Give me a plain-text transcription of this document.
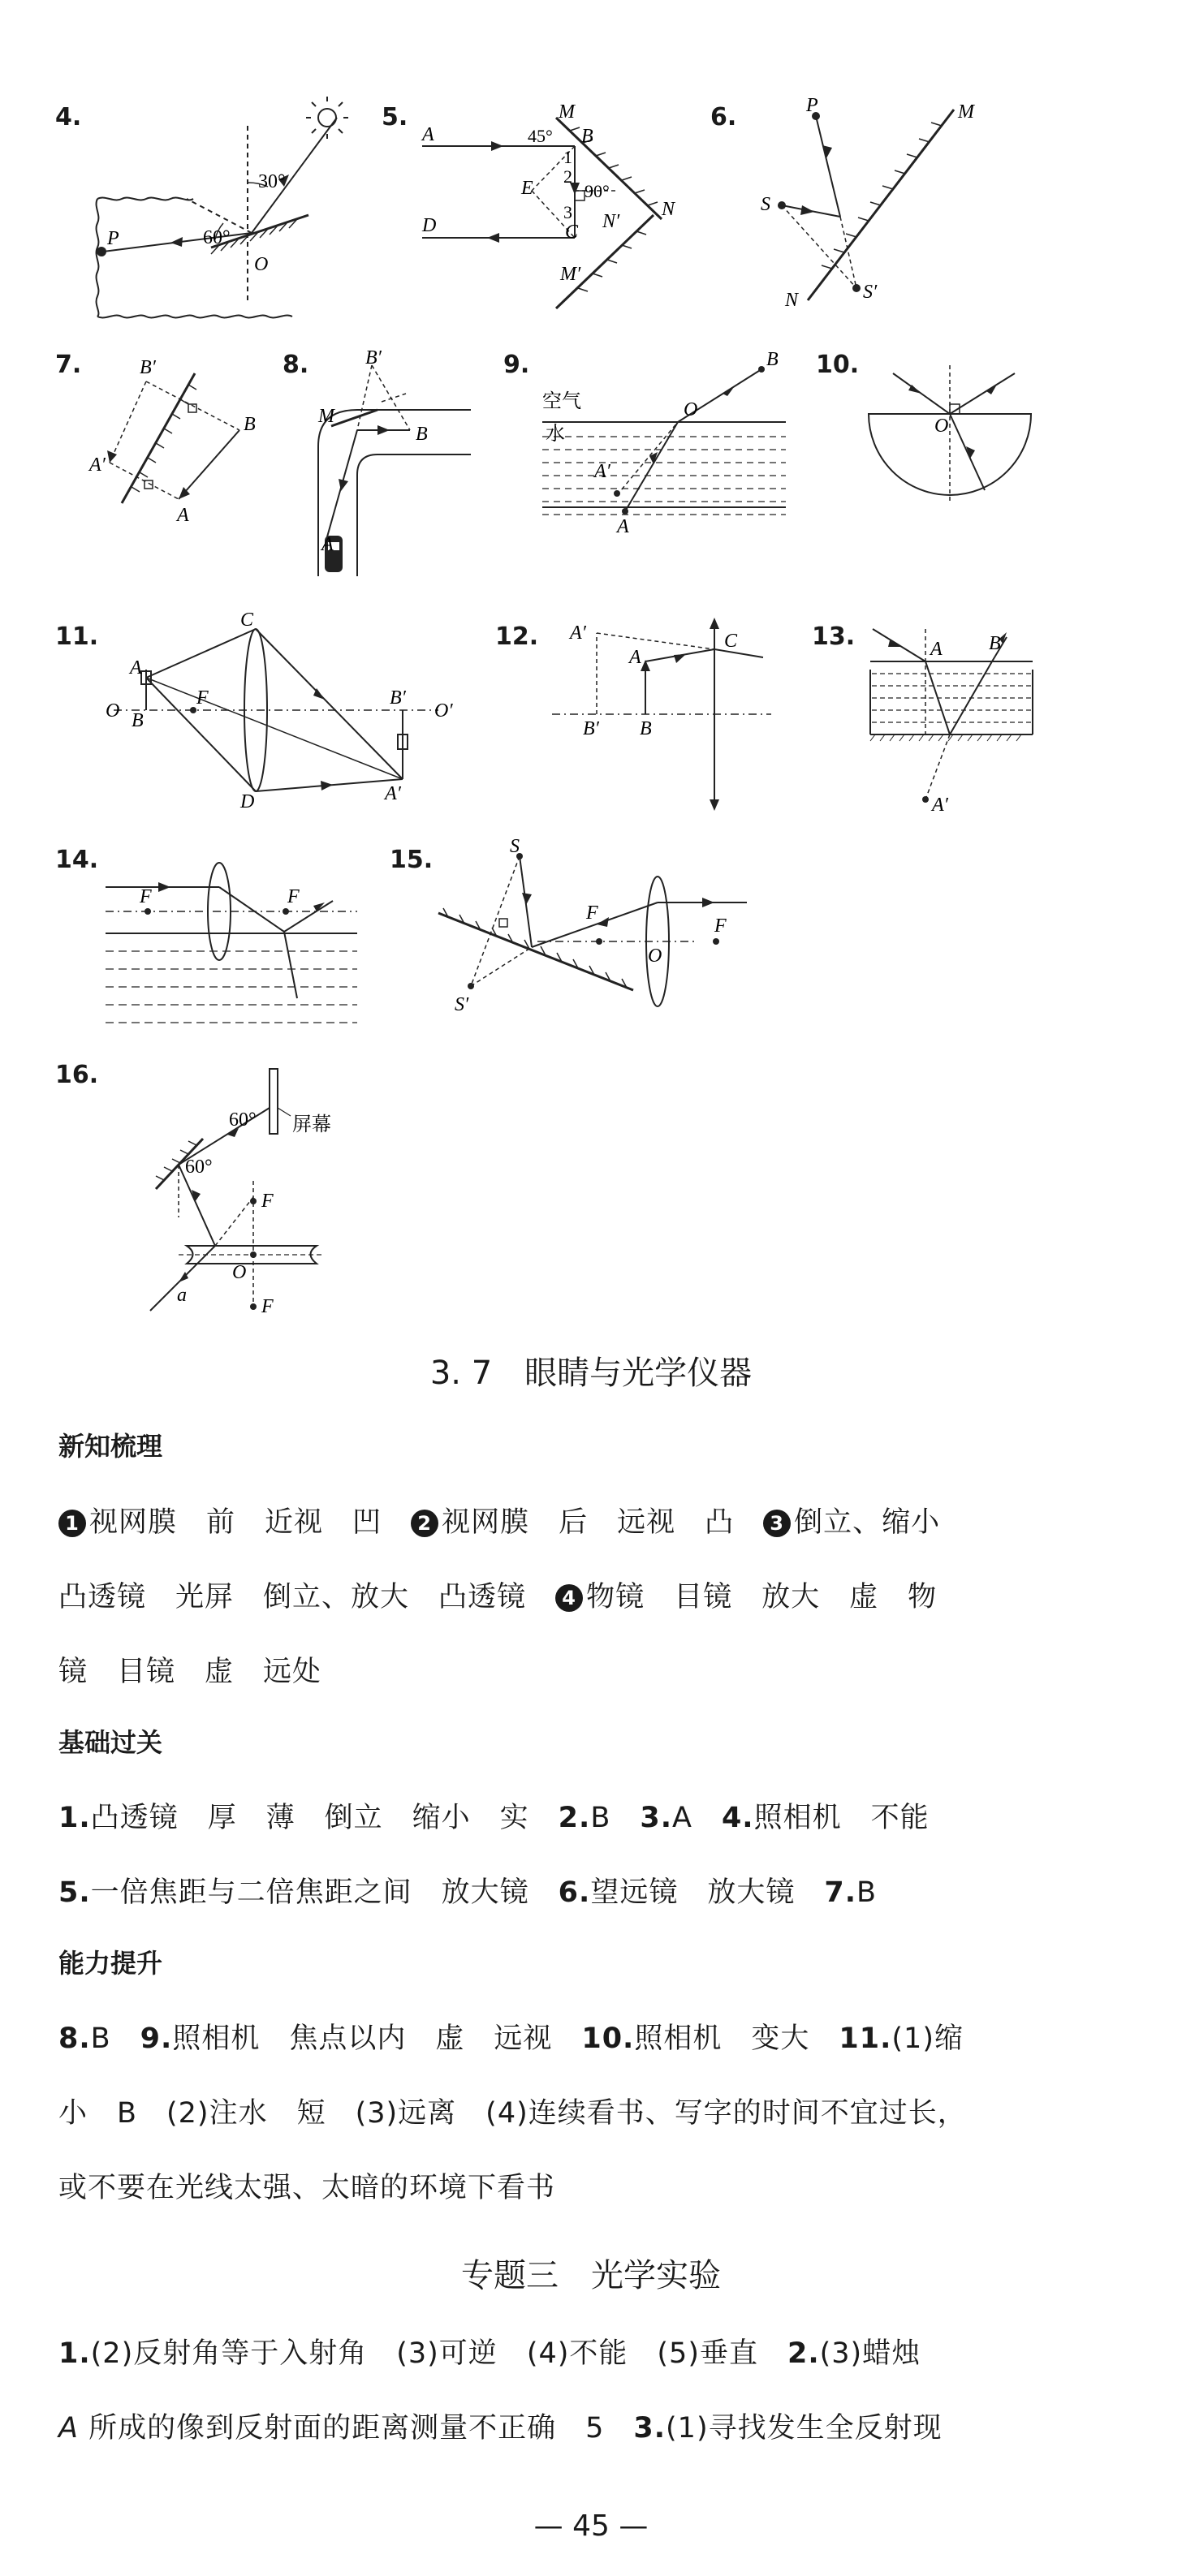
4.
P
O
30°
60°
5.
A
D
M
B
C
E
N
N′
M′
45°
90°
1
2
3
6.	P	M
S
S′
N
7.	B′
B
A′
A
8.	B′
M
B
A
9.
空气
水
B
O
A′
A
10.
O
11.
C
A
B
F
O	O′
B′
D	A′
12. A′
A
C
B′ B
13.	A B
A′
14.
F	F
15.	S
F
F
O
S′
16.
60° 屏幕
60°
F
O
a
F
3. 7　眼睛与光学仪器
新知梳理
1 视网膜 前 近视 凹 2 视网膜 后 远视 凸 3 倒立、缩小
凸透镜 光屏 倒立、放大 凸透镜 4 物镜 目镜 放大 虚 物
镜 目镜 虚 远处
基础过关
1.凸透镜　厚　薄　倒立　缩小　实 2.B 3.A 4.照相机　不能
5.一倍焦距与二倍焦距之间　放大镜 6.望远镜　放大镜 7.B
能力提升
8.B 9.照相机　焦点以内　虚　远视 10.照相机　变大 11.(1)缩
小　B　(2)注水　短　(3)远离　(4)连续看书、写字的时间不宜过长，
或不要在光线太强、太暗的环境下看书
专题三　光学实验
1.(2)反射角等于入射角　(3)可逆　(4)不能　(5)垂直 2.(3)蜡烛
A 所成的像到反射面的距离测量不正确　5 3.(1)寻找发生全反射现
— 45 —
